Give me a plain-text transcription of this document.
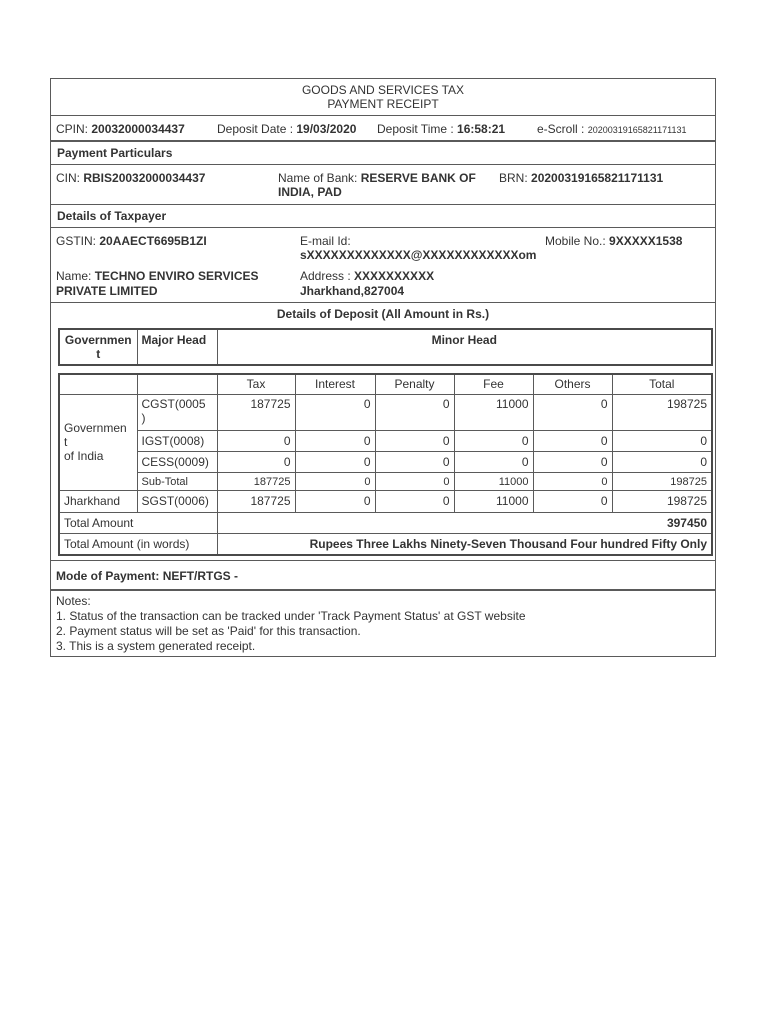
GOODS AND SERVICES TAX
PAYMENT RECEIPT
CPIN: 20032000034437	Deposit Date : 19/03/2020 Deposit Time : 16:58:21	e-Scroll : 20200319165821171131
Payment Particulars
CIN: RBIS20032000034437	Name of Bank: RESERVE BANK OF
INDIA, PAD
BRN: 20200319165821171131
Details of Taxpayer
GSTIN: 20AAECT6695B1ZI	E-mail Id:
sXXXXXXXXXXXXX@XXXXXXXXXXXXom
Mobile No.: 9XXXXX1538
Name: TECHNO ENVIRO SERVICES
PRIVATE LIMITED
Address : XXXXXXXXXX
Jharkhand,827004
Details of Deposit (All Amount in Rs.)
Governmen
t	Major Head	Minor Head
		Tax	Interest	Penalty	Fee	Others	Total
Governmen
t
of India	CGST(0005
)	187725	0	0	11000	0	198725
	IGST(0008)	0	0	0	0	0	0
	CESS(0009)	0	0	0	0	0	0
	Sub-Total	187725	0	0	11000	0	198725
Jharkhand	SGST(0006)	187725	0	0	11000	0	198725
Total Amount		397450					
Total Amount (in words)		Rupees Three Lakhs Ninety-Seven Thousand Four hundred Fifty Only					
Mode of Payment: NEFT/RTGS -
Notes:
1. Status of the transaction can be tracked under 'Track Payment Status' at GST website
2. Payment status will be set as 'Paid' for this transaction.
3. This is a system generated receipt.
